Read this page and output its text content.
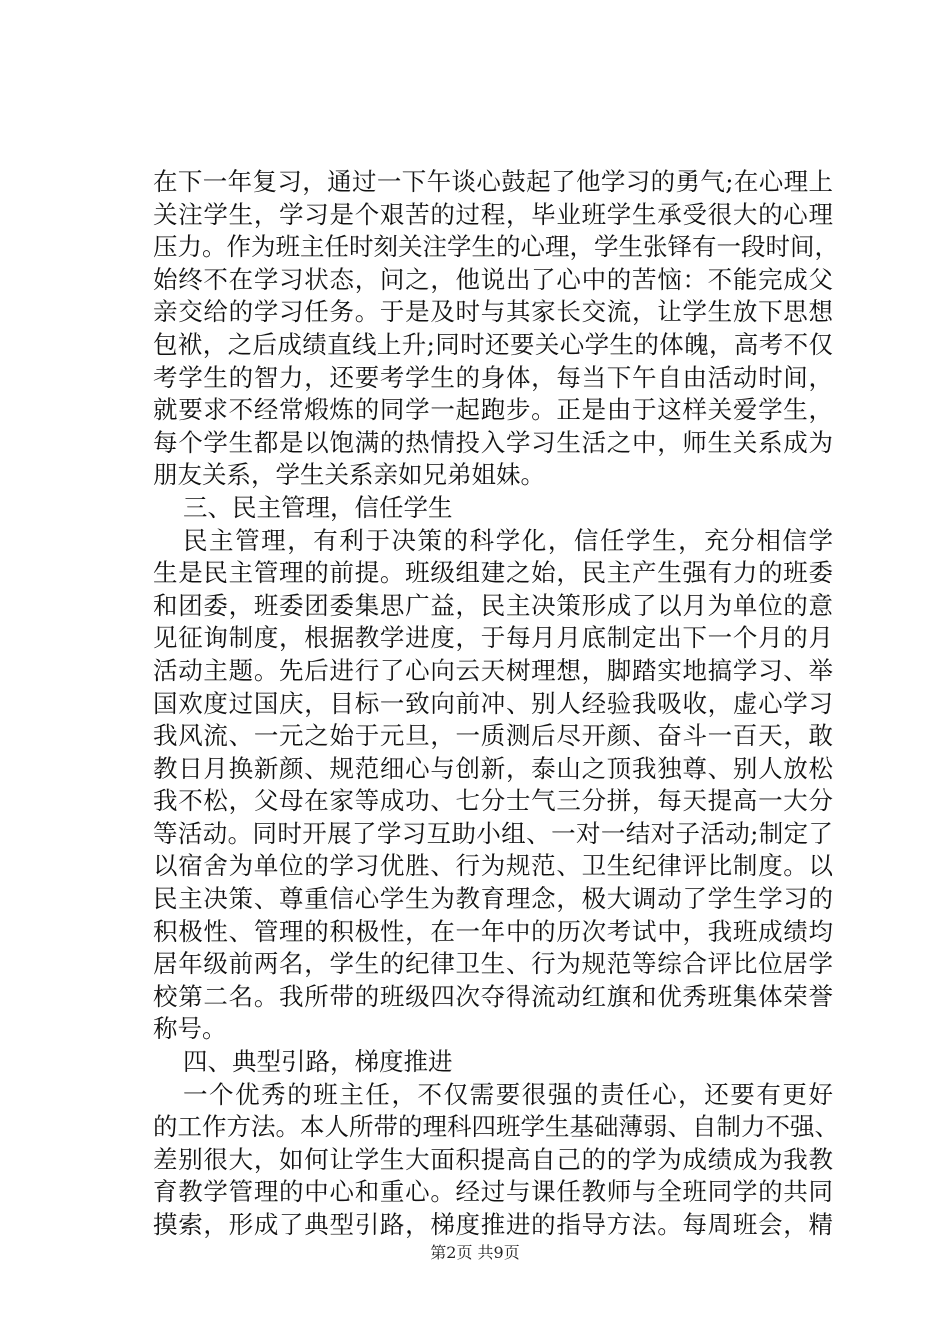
在下一年复习，通过一下午谈心鼓起了他学习的勇气;在心理上
关注学生，学习是个艰苦的过程，毕业班学生承受很大的心理
压力。作为班主任时刻关注学生的心理，学生张铎有一段时间，
始终不在学习状态，问之，他说出了心中的苦恼：不能完成父
亲交给的学习任务。于是及时与其家长交流，让学生放下思想
包袱，之后成绩直线上升;同时还要关心学生的体魄，高考不仅
考学生的智力，还要考学生的身体，每当下午自由活动时间，
就要求不经常煅炼的同学一起跑步。正是由于这样关爱学生，
每个学生都是以饱满的热情投入学习生活之中，师生关系成为
朋友关系，学生关系亲如兄弟姐妹。
三、民主管理，信任学生
民主管理，有利于决策的科学化，信任学生，充分相信学
生是民主管理的前提。班级组建之始，民主产生强有力的班委
和团委，班委团委集思广益，民主决策形成了以月为单位的意
见征询制度，根据教学进度，于每月月底制定出下一个月的月
活动主题。先后进行了心向云天树理想，脚踏实地搞学习、举
国欢度过国庆，目标一致向前冲、别人经验我吸收，虚心学习
我风流、一元之始于元旦，一质测后尽开颜、奋斗一百天，敢
教日月换新颜、规范细心与创新，泰山之顶我独尊、别人放松
我不松，父母在家等成功、七分士气三分拼，每天提高一大分
等活动。同时开展了学习互助小组、一对一结对子活动;制定了
以宿舍为单位的学习优胜、行为规范、卫生纪律评比制度。以
民主决策、尊重信心学生为教育理念，极大调动了学生学习的
积极性、管理的积极性，在一年中的历次考试中，我班成绩均
居年级前两名，学生的纪律卫生、行为规范等综合评比位居学
校第二名。我所带的班级四次夺得流动红旗和优秀班集体荣誉
称号。
四、典型引路，梯度推进
一个优秀的班主任，不仅需要很强的责任心，还要有更好
的工作方法。本人所带的理科四班学生基础薄弱、自制力不强、
差别很大，如何让学生大面积提高自己的的学为成绩成为我教
育教学管理的中心和重心。经过与课任教师与全班同学的共同
摸索，形成了典型引路，梯度推进的指导方法。每周班会，精
第2页 共9页
